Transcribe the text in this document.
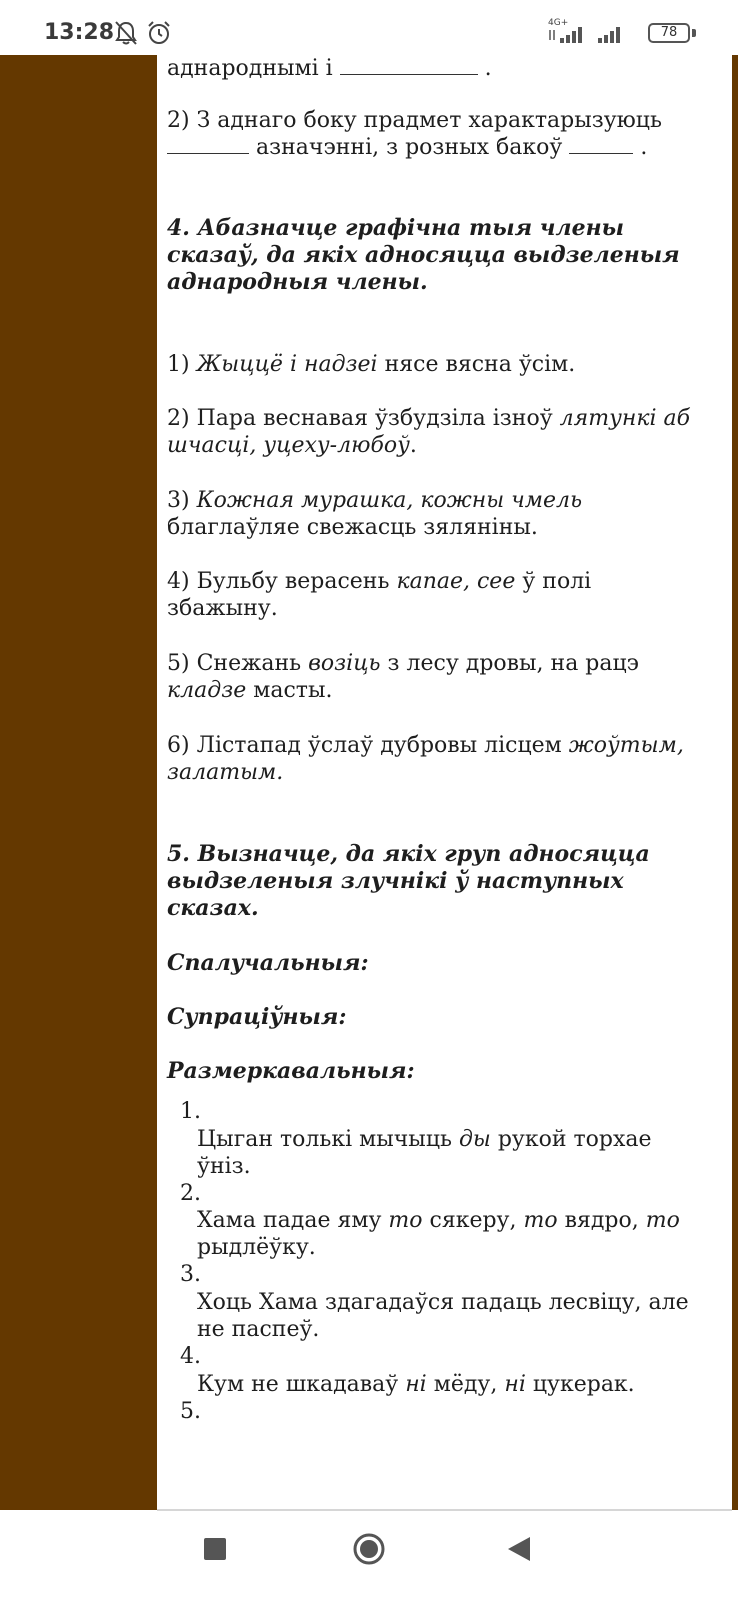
13:28	4G+
78

аднароднымі і	.

2) З аднаго боку прадмет характарызуюць
азначэнні, з розных бакоў	.

4. Абазначце графічна тыя члены
сказаў, да якіх адносяцца выдзеленыя
аднародныя члены.

1) Жыццё і надзеі нясе вясна ўсім.

2) Пара веснавая ўзбудзіла ізноў лятункі аб
шчасці, уцеху-любоў.

3) Кожная мурашка, кожны чмель
благлаўляе свежасць зяляніны.

4) Бульбу верасень капае, сее ў полі
збажыну.

5) Снежань возіць з лесу дровы, на рацэ
кладзе масты.

6) Ліcтапад ўслаў дубровы ліcцем жоўтым,
залатым.

5. Вызначце, да якіх груп адносяцца
выдзеленыя злучнікі ў наступных
сказах.

Спалучальныя:

Супраціўныя:

Размеркавальныя:

1.
Цыган толькі мычыць ды рукой торхае
ўніз.
2.
Хама падае яму то сякеру, то вядро, то
рыдлёўку.
3.
Хоць Хама здагадаўся падаць лесвіцу, але
не паспеў.
4.
Кум не шкадаваў ні мёду, ні цукерак.
5.
